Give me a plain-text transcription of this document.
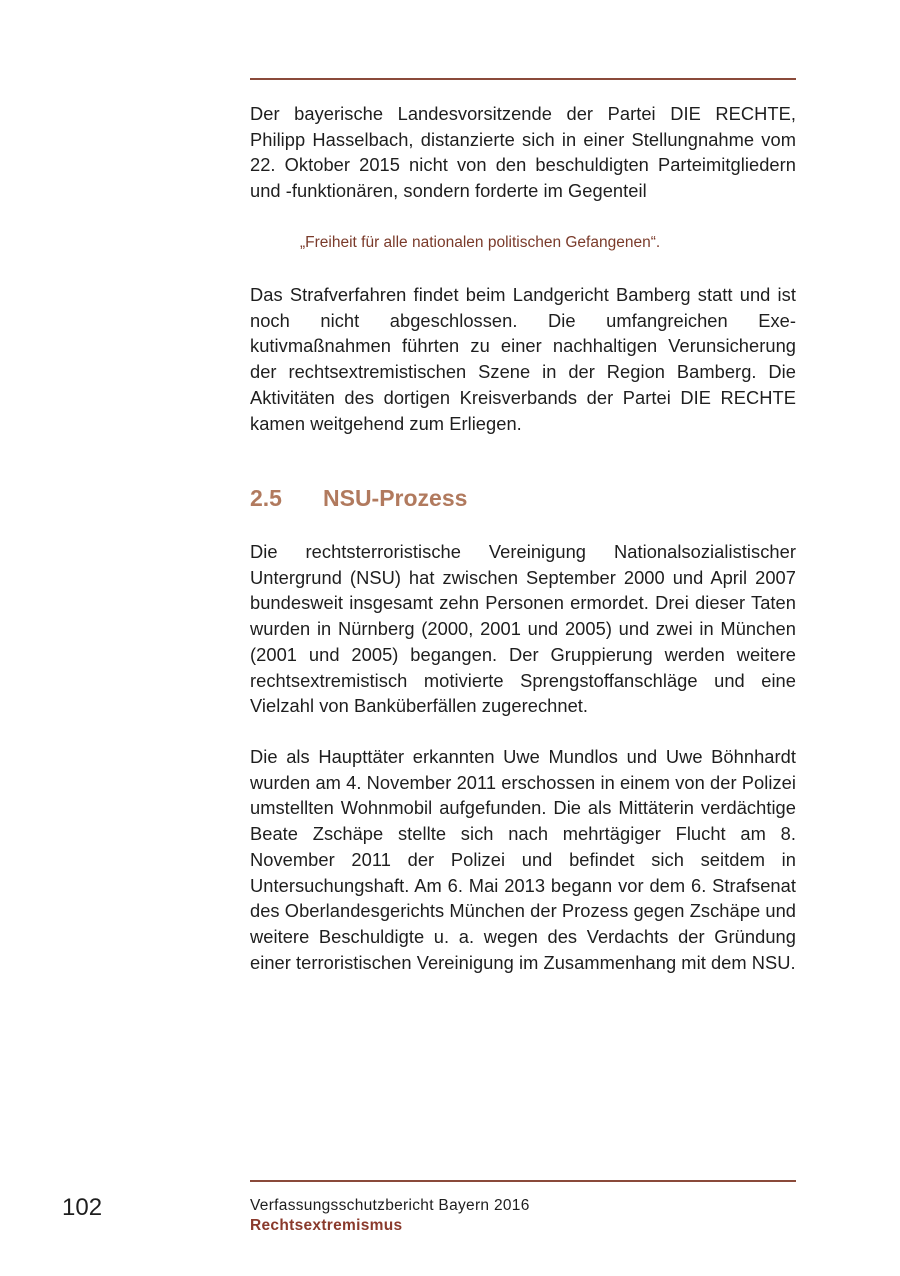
Der bayerische Landesvorsitzende der Partei DIE RECHTE, Philipp Hasselbach, distanzierte sich in einer Stellungnahme vom 22. Oktober 2015 nicht von den beschuldigten Parteimitgliedern und -funktionären, sondern forderte im Gegenteil

„Freiheit für alle nationalen politischen Gefangenen“.

Das Strafverfahren findet beim Landgericht Bamberg statt und ist noch nicht abgeschlossen. Die umfangreichen Exekutivmaßnahmen führten zu einer nachhaltigen Verunsicherung der rechtsextremistischen Szene in der Region Bamberg. Die Aktivitäten des dortigen Kreisverbands der Partei DIE RECHTE kamen weitgehend zum Erliegen.

2.5 NSU-Prozess

Die rechtsterroristische Vereinigung Nationalsozialistischer Untergrund (NSU) hat zwischen September 2000 und April 2007 bundesweit insgesamt zehn Personen ermordet. Drei dieser Taten wurden in Nürnberg (2000, 2001 und 2005) und zwei in München (2001 und 2005) begangen. Der Gruppierung werden weitere rechtsextremistisch motivierte Sprengstoffanschläge und eine Vielzahl von Banküberfällen zugerechnet.

Die als Haupttäter erkannten Uwe Mundlos und Uwe Böhnhardt wurden am 4. November 2011 erschossen in einem von der Polizei umstellten Wohnmobil aufgefunden. Die als Mittäterin verdächtige Beate Zschäpe stellte sich nach mehrtägiger Flucht am 8. November 2011 der Polizei und befindet sich seitdem in Untersuchungshaft. Am 6. Mai 2013 begann vor dem 6. Strafsenat des Oberlandesgerichts München der Prozess gegen Zschäpe und weitere Beschuldigte u. a. wegen des Verdachts der Gründung einer terroristischen Vereinigung im Zusammenhang mit dem NSU.

102	Verfassungsschutzbericht Bayern 2016
Rechtsextremismus
